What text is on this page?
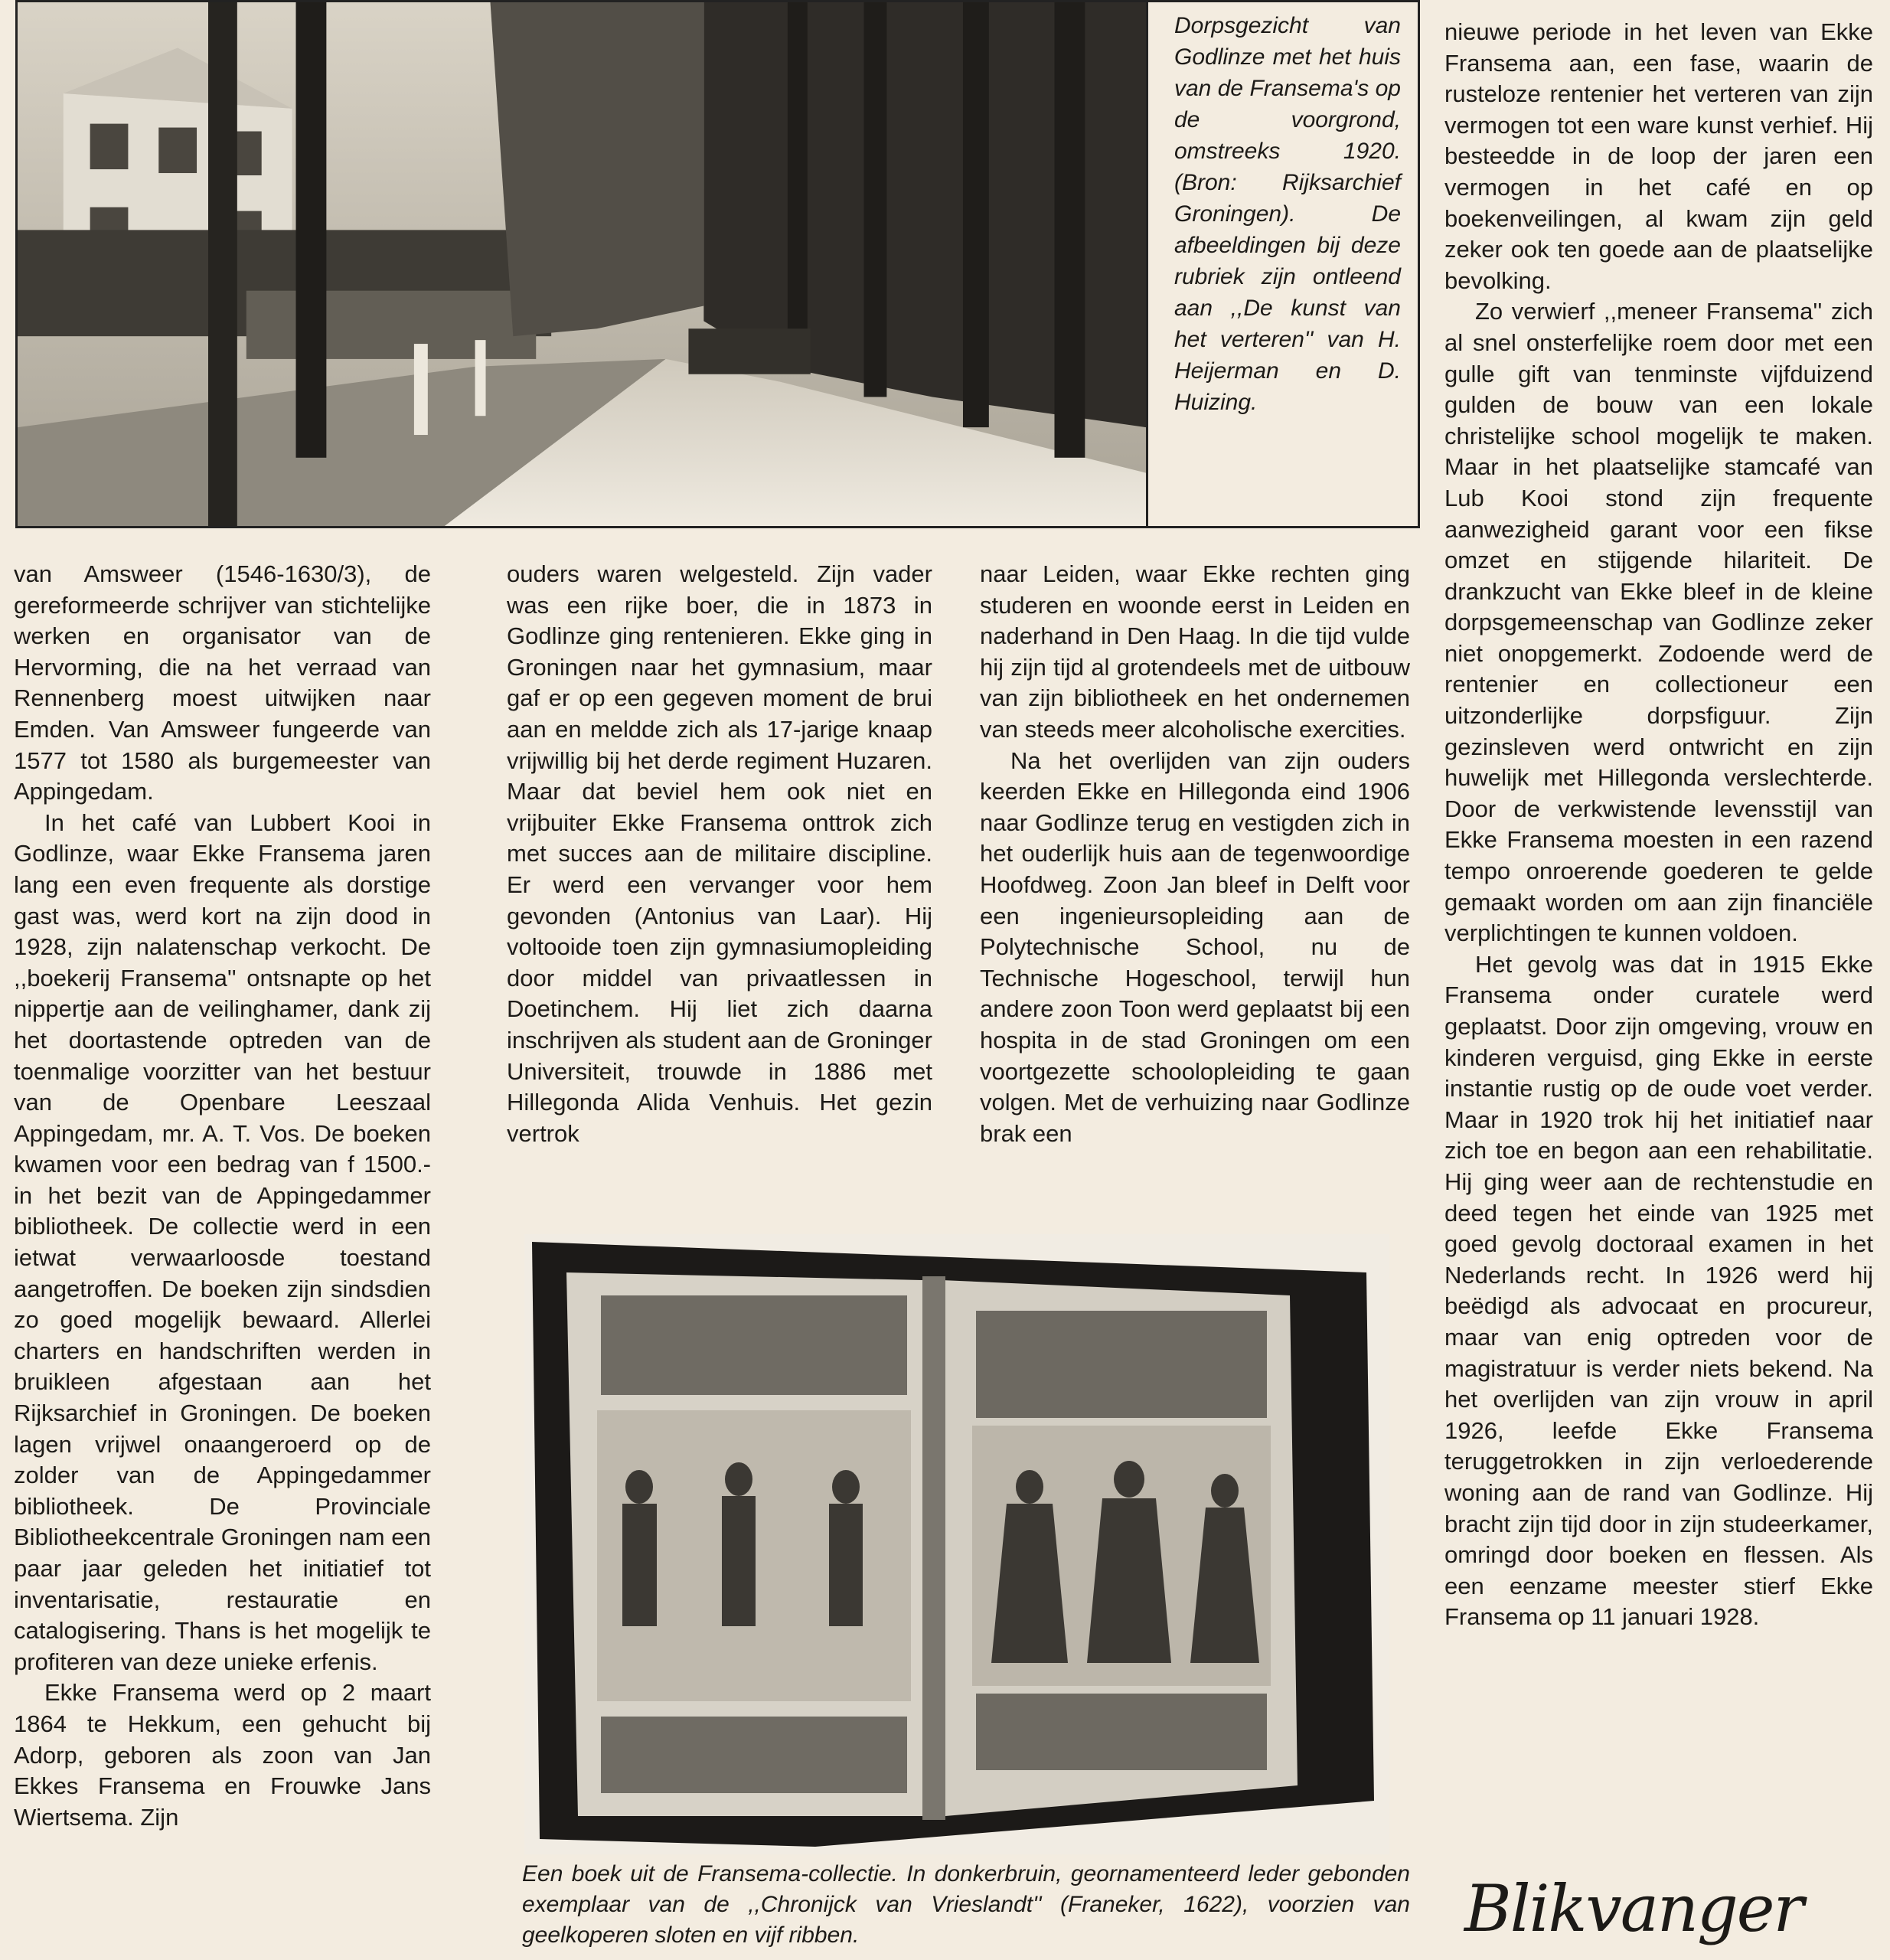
Dorpsgezicht van Godlinze met het huis van de Fransema's op de voorgrond, omstreeks 1920. (Bron: Rijksarchief Groningen). De afbeeldingen bij deze rubriek zijn ontleend aan ,,De kunst van het verteren'' van H. Heijerman en D. Huizing.

van Amsweer (1546-1630/3), de gereformeerde schrijver van stichtelijke werken en organisator van de Hervorming, die na het verraad van Rennenberg moest uitwijken naar Emden. Van Amsweer fungeerde van 1577 tot 1580 als burgemeester van Appingedam.

In het café van Lubbert Kooi in Godlinze, waar Ekke Fransema jaren lang een even frequente als dorstige gast was, werd kort na zijn dood in 1928, zijn nalatenschap verkocht. De ,,boekerij Fransema'' ontsnapte op het nippertje aan de veilinghamer, dank zij het doortastende optreden van de toenmalige voorzitter van het bestuur van de Openbare Leeszaal Appingedam, mr. A. T. Vos. De boeken kwamen voor een bedrag van f 1500.- in het bezit van de Appingedammer bibliotheek. De collectie werd in een ietwat verwaarloosde toestand aangetroffen. De boeken zijn sindsdien zo goed mogelijk bewaard. Allerlei charters en handschriften werden in bruikleen afgestaan aan het Rijksarchief in Groningen. De boeken lagen vrijwel onaangeroerd op de zolder van de Appingedammer bibliotheek. De Provinciale Bibliotheekcentrale Groningen nam een paar jaar geleden het initiatief tot inventarisatie, restauratie en catalogisering. Thans is het mogelijk te profiteren van deze unieke erfenis.

Ekke Fransema werd op 2 maart 1864 te Hekkum, een gehucht bij Adorp, geboren als zoon van Jan Ekkes Fransema en Frouwke Jans Wiertsema. Zijn

ouders waren welgesteld. Zijn vader was een rijke boer, die in 1873 in Godlinze ging rentenieren. Ekke ging in Groningen naar het gymnasium, maar gaf er op een gegeven moment de brui aan en meldde zich als 17-jarige knaap vrijwillig bij het derde regiment Huzaren. Maar dat beviel hem ook niet en vrijbuiter Ekke Fransema onttrok zich met succes aan de militaire discipline. Er werd een vervanger voor hem gevonden (Antonius van Laar). Hij voltooide toen zijn gymnasiumopleiding door middel van privaatlessen in Doetinchem. Hij liet zich daarna inschrijven als student aan de Groninger Universiteit, trouwde in 1886 met Hillegonda Alida Venhuis. Het gezin vertrok

naar Leiden, waar Ekke rechten ging studeren en woonde eerst in Leiden en naderhand in Den Haag. In die tijd vulde hij zijn tijd al grotendeels met de uitbouw van zijn bibliotheek en het ondernemen van steeds meer alcoholische exercities.

Na het overlijden van zijn ouders keerden Ekke en Hillegonda eind 1906 naar Godlinze terug en vestigden zich in het ouderlijk huis aan de tegenwoordige Hoofdweg. Zoon Jan bleef in Delft voor een ingenieursopleiding aan de Polytechnische School, nu de Technische Hogeschool, terwijl hun andere zoon Toon werd geplaatst bij een hospita in de stad Groningen om een voortgezette schoolopleiding te gaan volgen. Met de verhuizing naar Godlinze brak een

nieuwe periode in het leven van Ekke Fransema aan, een fase, waarin de rusteloze rentenier het verteren van zijn vermogen tot een ware kunst verhief. Hij besteedde in de loop der jaren een vermogen in het café en op boekenveilingen, al kwam zijn geld zeker ook ten goede aan de plaatselijke bevolking.

Zo verwierf ,,meneer Fransema'' zich al snel onsterfelijke roem door met een gulle gift van tenminste vijfduizend gulden de bouw van een lokale christelijke school mogelijk te maken. Maar in het plaatselijke stamcafé van Lub Kooi stond zijn frequente aanwezigheid garant voor een fikse omzet en stijgende hilariteit. De drankzucht van Ekke bleef in de kleine dorpsgemeenschap van Godlinze zeker niet onopgemerkt. Zodoende werd de rentenier en collectioneur een uitzonderlijke dorpsfiguur. Zijn gezinsleven werd ontwricht en zijn huwelijk met Hillegonda verslechterde. Door de verkwistende levensstijl van Ekke Fransema moesten in een razend tempo onroerende goederen te gelde gemaakt worden om aan zijn financiële verplichtingen te kunnen voldoen.

Het gevolg was dat in 1915 Ekke Fransema onder curatele werd geplaatst. Door zijn omgeving, vrouw en kinderen verguisd, ging Ekke in eerste instantie rustig op de oude voet verder. Maar in 1920 trok hij het initiatief naar zich toe en begon aan een rehabilitatie. Hij ging weer aan de rechtenstudie en deed tegen het einde van 1925 met goed gevolg doctoraal examen in het Nederlands recht. In 1926 werd hij beëdigd als advocaat en procureur, maar van enig optreden voor de magistratuur is verder niets bekend. Na het overlijden van zijn vrouw in april 1926, leefde Ekke Fransema teruggetrokken in zijn verloederende woning aan de rand van Godlinze. Hij bracht zijn tijd door in zijn studeerkamer, omringd door boeken en flessen. Als een eenzame meester stierf Ekke Fransema op 11 januari 1928.

Een boek uit de Fransema-collectie. In donkerbruin, geornamenteerd leder gebonden exemplaar van de ,,Chronijck van Vrieslandt'' (Franeker, 1622), voorzien van geelkoperen sloten en vijf ribben.	Blikvanger
